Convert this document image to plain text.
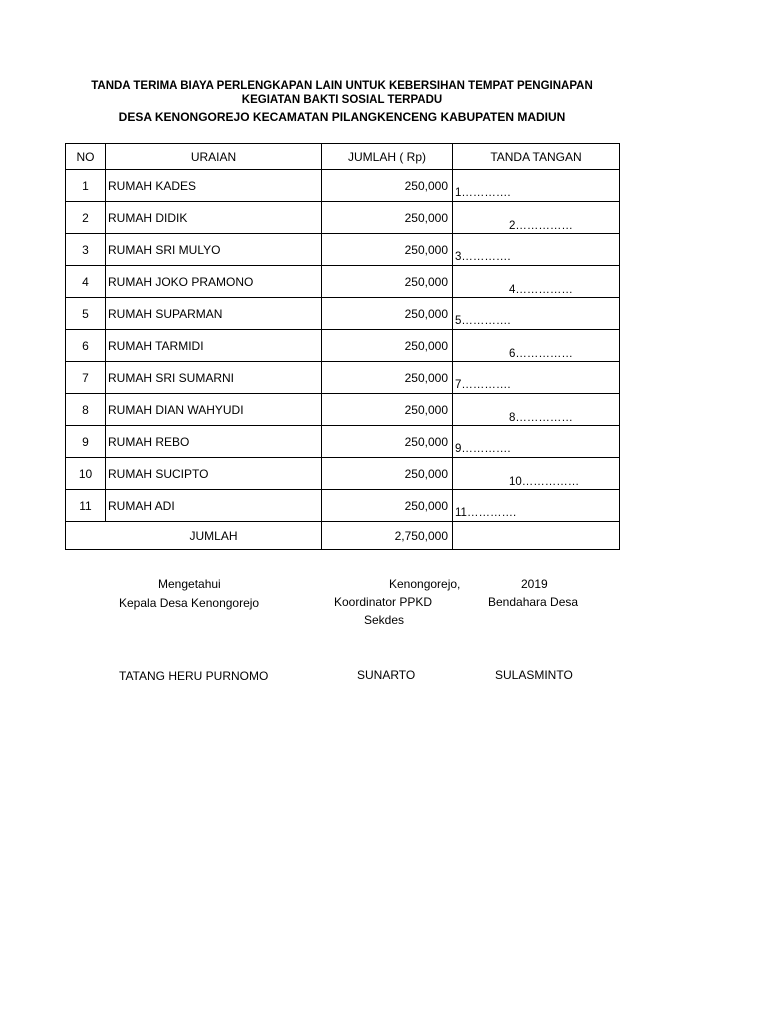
TANDA TERIMA BIAYA PERLENGKAPAN LAIN UNTUK KEBERSIHAN TEMPAT PENGINAPAN
KEGIATAN BAKTI SOSIAL TERPADU
DESA KENONGOREJO KECAMATAN PILANGKENCENG KABUPATEN MADIUN
NO	URAIAN	JUMLAH ( Rp)	TANDA TANGAN
1	RUMAH KADES	250,000	1………….

2	RUMAH DIDIK	250,000	2……………

3	RUMAH SRI MULYO	250,000	3………….

4	RUMAH JOKO PRAMONO	250,000	4……………

5	RUMAH SUPARMAN	250,000	5………….

6	RUMAH TARMIDI	250,000	6……………

7	RUMAH SRI SUMARNI	250,000	7………….

8	RUMAH DIAN WAHYUDI	250,000	8……………

9	RUMAH REBO	250,000	9………….

10	RUMAH SUCIPTO	250,000	10……………

11	RUMAH ADI	250,000	11………….

	JUMLAH	2,750,000	
Mengetahui
Kepala Desa Kenongorejo
Kenongorejo,	2019
Koordinator PPKD
Sekdes
Bendahara Desa
TATANG HERU PURNOMO	SUNARTO	SULASMINTO
